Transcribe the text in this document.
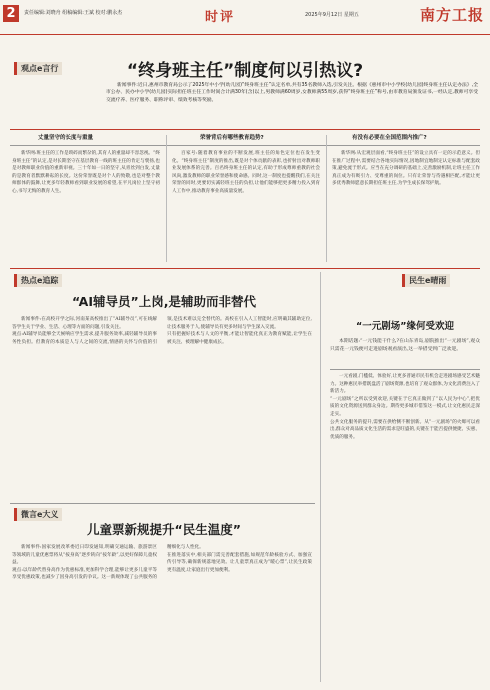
2	责任编辑:刘晓舟 组稿编辑:王斌 校对:鹏永杰	时评	2025年9月12日 星期五	南方工报
观点e言行	“终身班主任”制度何以引热议?

新闻事件:近日,惠州市教育局公示了2025年中小学(幼儿园)“终身班主任”认定名单,共有35名教师入选,引发关注。根据《惠州市中小学校(幼儿园)终身班主任认定办法》,全市公办、民办中小学(幼儿园)实际担任班主任工作时间合计满30年(含)以上,男教师满60周岁,女教师满55周岁,获得“终身班主任”称号,由市教育局颁发证书,一经认定,教师可享受交流疗养、医疗服务、职称评审、绩效考核等奖励。

丈量坚守的长度与重量	荣誉背后有哪些教育趋势?	有没有必要在全国范围内推广?

新华网:班主任的工作是琐碎而繁杂的,其育人的重量却不容忽视。“终身班主任”的认定,是对长期坚守在基层教育一线的班主任的肯定与褒扬,也是对教师职业价值的重新审视。三十年如一日的坚守,从青丝到白发,丈量的是教育者默默耕耘的长度。这份荣誉既是对个人的致敬,也是对整个教师群体的鼓舞,让更多年轻教师看到职业发展的希望,在平凡岗位上坚守初心,书写无悔的教育人生。

百家号:随着教育事业的不断发展,班主任的角色定位也在发生变化。“终身班主任”制度的推出,既是对个体贡献的表彰,也折射出对教师职业发展体系的完善。百名终身班主任的认定,有助于形成尊师重教的社会风尚,激发教师的职业荣誉感和使命感。同时,这一制度也提醒我们,在关注荣誉的同时,更要切实减轻班主任的负担,让他们能够把更多精力投入到育人工作中,推动教育事业高质量发展。

新华网:从宏观层面看,“终身班主任”的设立具有一定的示范意义。但在推广过程中,需要结合各地实际情况,因地制宜地制定认定标准与配套政策,避免流于形式。应当在充分调研的基础上,完善激励机制,让班主任工作真正成为有吸引力、受尊重的岗位。只有让荣誉与待遇相匹配,才能让更多优秀教师愿意长期担任班主任,为学生成长保驾护航。

热点e追踪
“AI辅导员”上岗,是辅助而非替代

新闻事件:在高校开学之际,河南某高校推出了“AI辅导员”,可在线解答学生关于学业、生活、心理等方面的问题,引发关注。
观点:AI辅导员能够全天候响应学生需求,提升服务效率,减轻辅导员的事务性负担。但教育的本质是人与人之间的交流,情感的关怀与价值的引领,是技术难以完全替代的。高校在引入人工智能时,应明确其辅助定位,让技术服务于人,使辅导员有更多时间与学生深入交流。
只有把握好技术与人文的平衡,才能让智能化真正为教育赋能,让学生在被关注、被理解中健康成长。

民生e晴雨
“一元剧场”缘何受欢迎

本期话题:“一元钱能干什么?在山东青岛,剧院推出“一元剧场”,观众只需花一元钱便可走进剧场观看演出,这一举措受到广泛欢迎。

一元看剧,门槛低、体验好,让更多普通市民有机会走进剧场感受艺术魅力。这种惠民举措既盘活了剧场资源,也培育了观众群体,为文化消费注入了新活力。
“一元剧场”之所以受到欢迎,关键在于它真正做到了“以人民为中心”,把优质的文化资源送到群众身边。期待更多城市借鉴这一模式,让文化惠民走深走实。
公共文化服务的提升,需要在供给侧不断创新。从“一元剧场”的火爆可以看出,群众对高品质文化生活的需求是旺盛的,关键在于能否提供便捷、实惠、优质的服务。

微言e大义
儿童票新规提升“民生温度”

新闻事件:国家发展改革委近日印发通知,明确交通运输、旅游景区等领域的儿童优惠票将从“按身高”逐步转向“按年龄”,以更好保障儿童权益。
观点:以年龄代替身高作为优惠标准,更加科学合理,能够让更多儿童平等享受优惠政策,也减少了因身高引发的争议。这一新规体现了公共服务的精细化与人性化。
在推进落实中,相关部门需完善配套措施,如规范年龄核验方式、加强宣传引导等,确保新规落地见效。让儿童票真正成为“暖心票”,让民生政策更有温度,让家庭出行更加便利。
